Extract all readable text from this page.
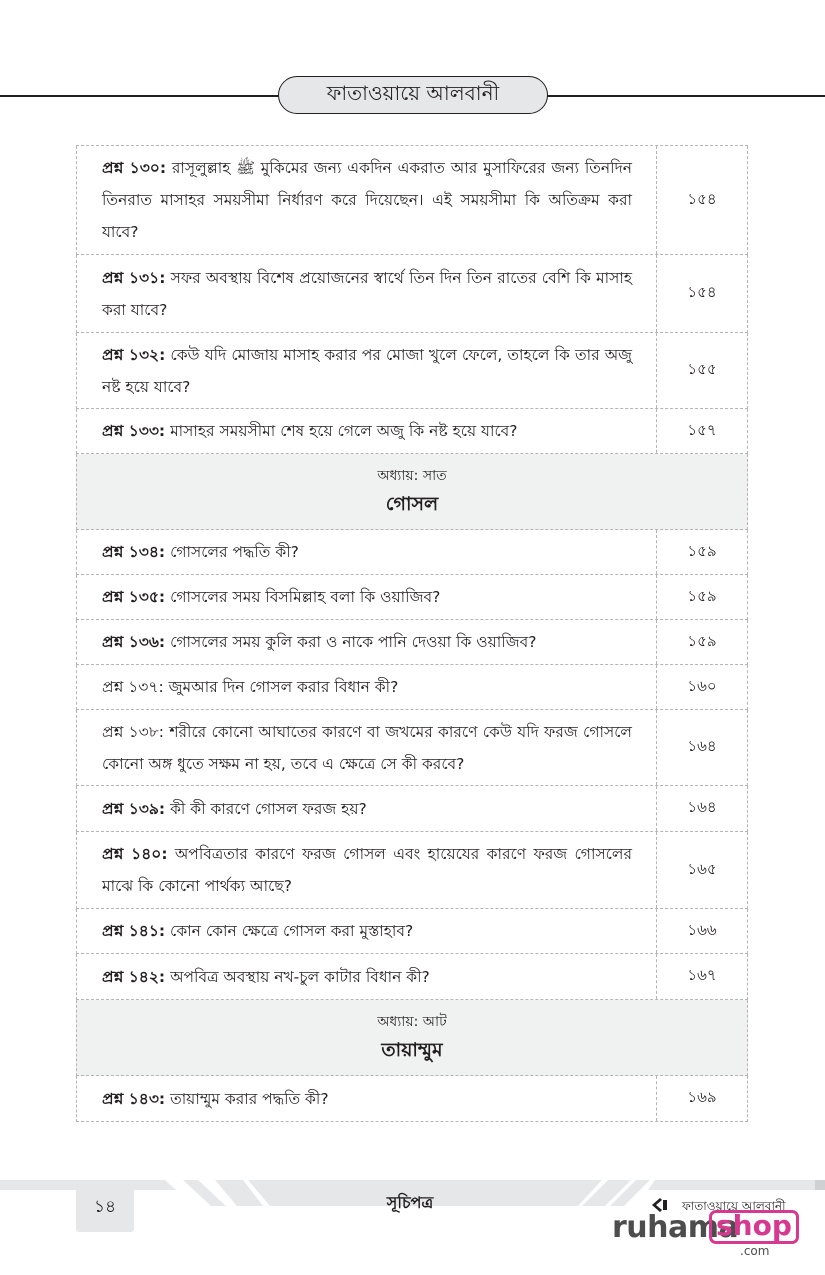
ফাতাওয়ায়ে আলবানী
প্রশ্ন ১৩০: রাসূলুল্লাহ ﷺ মুকিমের জন্য একদিন একরাত আর মুসাফিরের জন্য তিনদিন তিনরাত মাসাহর সময়সীমা নির্ধারণ করে দিয়েছেন। এই সময়সীমা কি অতিক্রম করা যাবে?
১৫৪
প্রশ্ন ১৩১: সফর অবস্থায় বিশেষ প্রয়োজনের স্বার্থে তিন দিন তিন রাতের বেশি কি মাসাহ করা যাবে?
১৫৪
প্রশ্ন ১৩২: কেউ যদি মোজায় মাসাহ করার পর মোজা খুলে ফেলে, তাহলে কি তার অজু নষ্ট হয়ে যাবে?
১৫৫
প্রশ্ন ১৩৩: মাসাহর সময়সীমা শেষ হয়ে গেলে অজু কি নষ্ট হয়ে যাবে?	১৫৭
অধ্যায়: সাত
গোসল
প্রশ্ন ১৩৪: গোসলের পদ্ধতি কী?	১৫৯
প্রশ্ন ১৩৫: গোসলের সময় বিসমিল্লাহ বলা কি ওয়াজিব?	১৫৯
প্রশ্ন ১৩৬: গোসলের সময় কুলি করা ও নাকে পানি দেওয়া কি ওয়াজিব?	১৫৯
প্রশ্ন ১৩৭: জুমআর দিন গোসল করার বিধান কী?	১৬০
প্রশ্ন ১৩৮: শরীরে কোনো আঘাতের কারণে বা জখমের কারণে কেউ যদি ফরজ গোসলে কোনো অঙ্গ ধুতে সক্ষম না হয়, তবে এ ক্ষেত্রে সে কী করবে?
১৬৪
প্রশ্ন ১৩৯: কী কী কারণে গোসল ফরজ হয়?	১৬৪
প্রশ্ন ১৪০: অপবিত্রতার কারণে ফরজ গোসল এবং হায়েযের কারণে ফরজ গোসলের মাঝে কি কোনো পার্থক্য আছে?
১৬৫
প্রশ্ন ১৪১: কোন কোন ক্ষেত্রে গোসল করা মুস্তাহাব?	১৬৬
প্রশ্ন ১৪২: অপবিত্র অবস্থায় নখ-চুল কাটার বিধান কী?	১৬৭
অধ্যায়: আট
তায়াম্মুম
প্রশ্ন ১৪৩: তায়াম্মুম করার পদ্ধতি কী?	১৬৯
১৪	সূচিপত্র	ফাতাওয়ায়ে আলবানী
ruhama
shop
.com
